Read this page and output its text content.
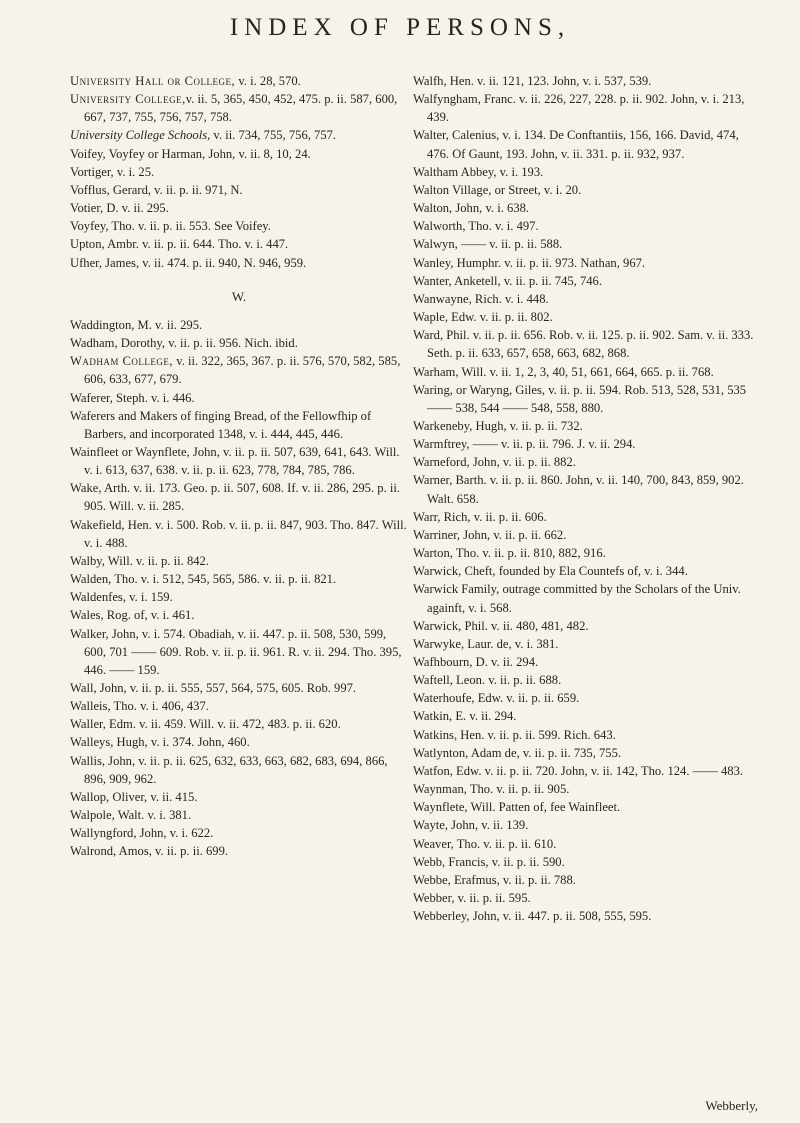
INDEX OF PERSONS,

University Hall or College, v. i. 28, 570.

University College,v. ii. 5, 365, 450, 452, 475. p. ii. 587, 600, 667, 737, 755, 756, 757, 758.

University College Schools, v. ii. 734, 755, 756, 757.

Voifey, Voyfey or Harman, John, v. ii. 8, 10, 24.

Vortiger, v. i. 25.

Vofflus, Gerard, v. ii. p. ii. 971, N.

Votier, D. v. ii. 295.

Voyfey, Tho. v. ii. p. ii. 553. See Voifey.

Upton, Ambr. v. ii. p. ii. 644. Tho. v. i. 447.

Ufher, James, v. ii. 474. p. ii. 940, N. 946, 959.

W.

Waddington, M. v. ii. 295.

Wadham, Dorothy, v. ii. p. ii. 956. Nich. ibid.

Wadham College, v. ii. 322, 365, 367. p. ii. 576, 570, 582, 585, 606, 633, 677, 679.

Waferer, Steph. v. i. 446.

Waferers and Makers of finging Bread, of the Fellowfhip of Barbers, and incorporated 1348, v. i. 444, 445, 446.

Wainfleet or Waynflete, John, v. ii. p. ii. 507, 639, 641, 643. Will. v. i. 613, 637, 638. v. ii. p. ii. 623, 778, 784, 785, 786.

Wake, Arth. v. ii. 173. Geo. p. ii. 507, 608. If. v. ii. 286, 295. p. ii. 905. Will. v. ii. 285.

Wakefield, Hen. v. i. 500. Rob. v. ii. p. ii. 847, 903. Tho. 847. Will. v. i. 488.

Walby, Will. v. ii. p. ii. 842.

Walden, Tho. v. i. 512, 545, 565, 586. v. ii. p. ii. 821.

Waldenfes, v. i. 159.

Wales, Rog. of, v. i. 461.

Walker, John, v. i. 574. Obadiah, v. ii. 447. p. ii. 508, 530, 599, 600, 701 —— 609. Rob. v. ii. p. ii. 961. R. v. ii. 294. Tho. 395, 446. —— 159.

Wall, John, v. ii. p. ii. 555, 557, 564, 575, 605. Rob. 997.

Walleis, Tho. v. i. 406, 437.

Waller, Edm. v. ii. 459. Will. v. ii. 472, 483. p. ii. 620.

Walleys, Hugh, v. i. 374. John, 460.

Wallis, John, v. ii. p. ii. 625, 632, 633, 663, 682, 683, 694, 866, 896, 909, 962.

Wallop, Oliver, v. ii. 415.

Walpole, Walt. v. i. 381.

Wallyngford, John, v. i. 622.

Walrond, Amos, v. ii. p. ii. 699.

Walfh, Hen. v. ii. 121, 123. John, v. i. 537, 539.

Walfyngham, Franc. v. ii. 226, 227, 228. p. ii. 902. John, v. i. 213, 439.

Walter, Calenius, v. i. 134. De Conftantiis, 156, 166. David, 474, 476. Of Gaunt, 193. John, v. ii. 331. p. ii. 932, 937.

Waltham Abbey, v. i. 193.

Walton Village, or Street, v. i. 20.

Walton, John, v. i. 638.

Walworth, Tho. v. i. 497.

Walwyn, —— v. ii. p. ii. 588.

Wanley, Humphr. v. ii. p. ii. 973. Nathan, 967.

Wanter, Anketell, v. ii. p. ii. 745, 746.

Wanwayne, Rich. v. i. 448.

Waple, Edw. v. ii. p. ii. 802.

Ward, Phil. v. ii. p. ii. 656. Rob. v. ii. 125. p. ii. 902. Sam. v. ii. 333. Seth. p. ii. 633, 657, 658, 663, 682, 868.

Warham, Will. v. ii. 1, 2, 3, 40, 51, 661, 664, 665. p. ii. 768.

Waring, or Waryng, Giles, v. ii. p. ii. 594. Rob. 513, 528, 531, 535 —— 538, 544 —— 548, 558, 880.

Warkeneby, Hugh, v. ii. p. ii. 732.

Warmftrey, —— v. ii. p. ii. 796. J. v. ii. 294.

Warneford, John, v. ii. p. ii. 882.

Warner, Barth. v. ii. p. ii. 860. John, v. ii. 140, 700, 843, 859, 902. Walt. 658.

Warr, Rich, v. ii. p. ii. 606.

Warriner, John, v. ii. p. ii. 662.

Warton, Tho. v. ii. p. ii. 810, 882, 916.

Warwick, Cheft, founded by Ela Countefs of, v. i. 344.

Warwick Family, outrage committed by the Scholars of the Univ. againft, v. i. 568.

Warwick, Phil. v. ii. 480, 481, 482.

Warwyke, Laur. de, v. i. 381.

Wafhbourn, D. v. ii. 294.

Waftell, Leon. v. ii. p. ii. 688.

Waterhoufe, Edw. v. ii. p. ii. 659.

Watkin, E. v. ii. 294.

Watkins, Hen. v. ii. p. ii. 599. Rich. 643.

Watlynton, Adam de, v. ii. p. ii. 735, 755.

Watfon, Edw. v. ii. p. ii. 720. John, v. ii. 142, Tho. 124. —— 483.

Waynman, Tho. v. ii. p. ii. 905.

Waynflete, Will. Patten of, fee Wainfleet.

Wayte, John, v. ii. 139.

Weaver, Tho. v. ii. p. ii. 610.

Webb, Francis, v. ii. p. ii. 590.

Webbe, Erafmus, v. ii. p. ii. 788.

Webber, v. ii. p. ii. 595.

Webberley, John, v. ii. 447. p. ii. 508, 555, 595.

Webberly,
